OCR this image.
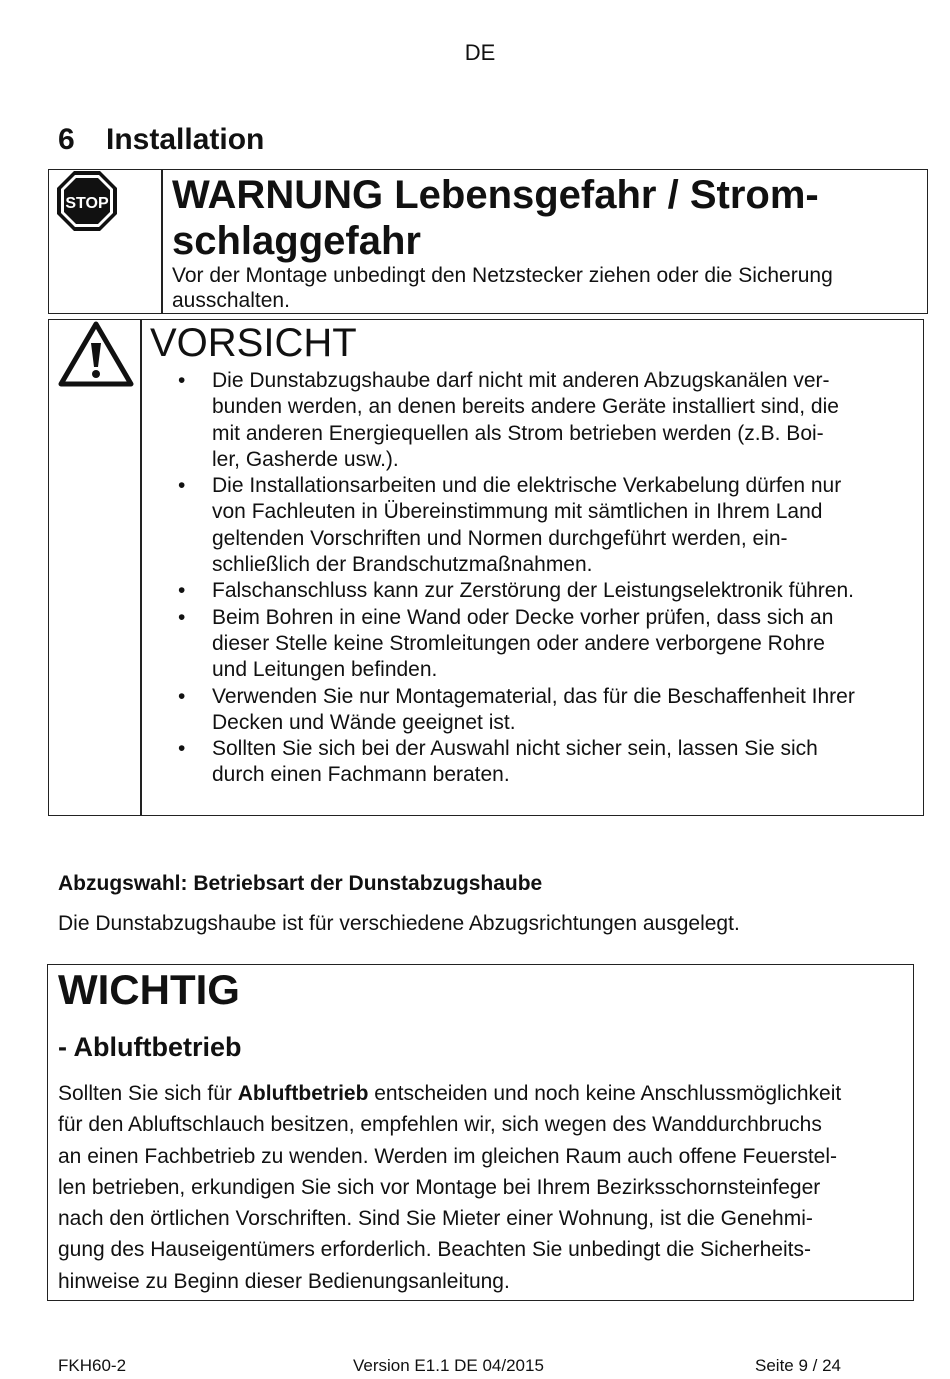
DE
6 Installation
STOP WARNUNG Lebensgefahr / Strom-
schlaggefahr
Vor der Montage unbedingt den Netzstecker ziehen oder die Sicherung ausschalten.
VORSICHT
• Die Dunstabzugshaube darf nicht mit anderen Abzugskanälen ver-
bunden werden, an denen bereits andere Geräte installiert sind, die
mit anderen Energiequellen als Strom betrieben werden (z.B. Boi-
ler, Gasherde usw.).
• Die Installationsarbeiten und die elektrische Verkabelung dürfen nur
von Fachleuten in Übereinstimmung mit sämtlichen in Ihrem Land
geltenden Vorschriften und Normen durchgeführt werden, ein-
schließlich der Brandschutzmaßnahmen.
• Falschanschluss kann zur Zerstörung der Leistungselektronik führen.
• Beim Bohren in eine Wand oder Decke vorher prüfen, dass sich an
dieser Stelle keine Stromleitungen oder andere verborgene Rohre
und Leitungen befinden.
• Verwenden Sie nur Montagematerial, das für die Beschaffenheit Ihrer
Decken und Wände geeignet ist.
• Sollten Sie sich bei der Auswahl nicht sicher sein, lassen Sie sich
durch einen Fachmann beraten.
Abzugswahl: Betriebsart der Dunstabzugshaube
Die Dunstabzugshaube ist für verschiedene Abzugsrichtungen ausgelegt.
WICHTIG
- Abluftbetrieb
Sollten Sie sich für Abluftbetrieb entscheiden und noch keine Anschlussmöglichkeit
für den Abluftschlauch besitzen, empfehlen wir, sich wegen des Wanddurchbruchs
an einen Fachbetrieb zu wenden. Werden im gleichen Raum auch offene Feuerstel-
len betrieben, erkundigen Sie sich vor Montage bei Ihrem Bezirksschornsteinfeger
nach den örtlichen Vorschriften. Sind Sie Mieter einer Wohnung, ist die Genehmi-
gung des Hauseigentümers erforderlich. Beachten Sie unbedingt die Sicherheits-
hinweise zu Beginn dieser Bedienungsanleitung.
FKH60-2	Version E1.1 DE 04/2015	Seite 9 / 24
